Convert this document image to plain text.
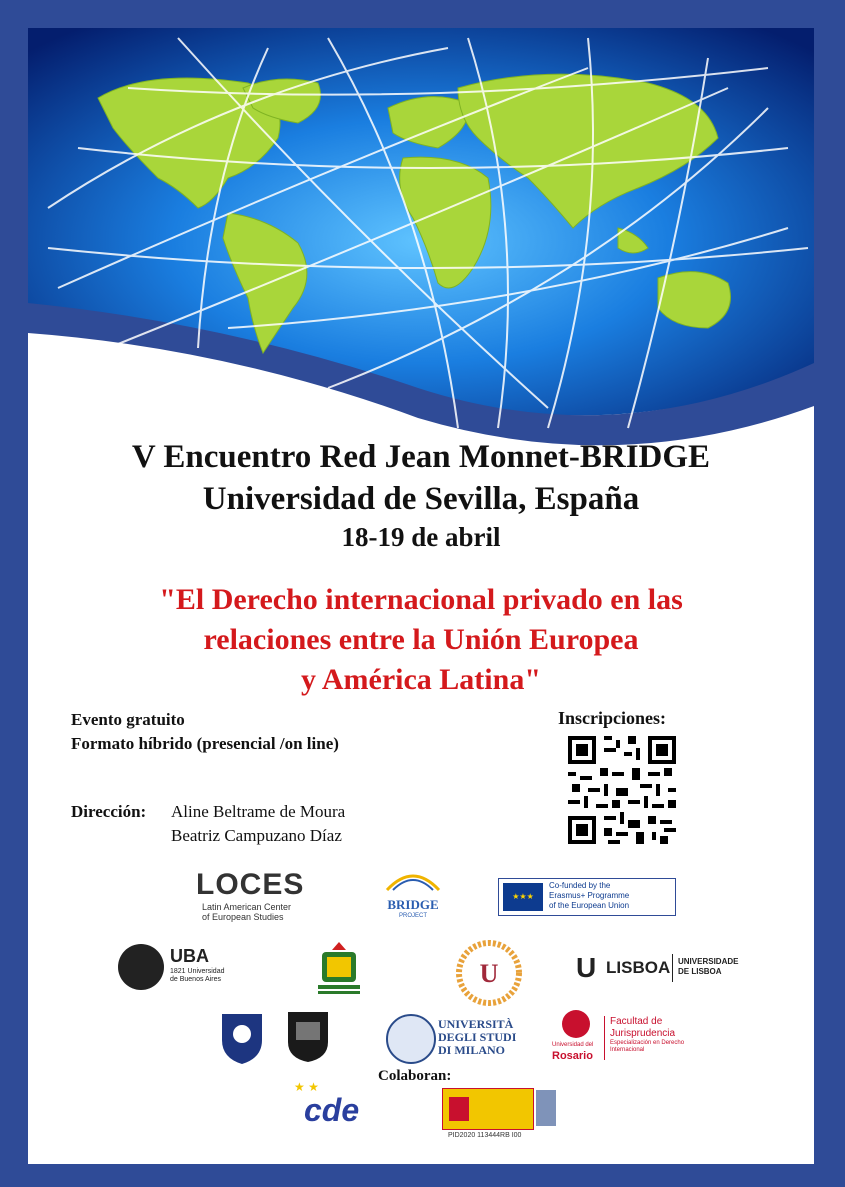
V Encuentro Red Jean Monnet-BRIDGE
Universidad de Sevilla, España
18-19 de abril
"El Derecho internacional privado en las
relaciones entre la Unión Europea
y América Latina"
Evento gratuito
Formato híbrido (presencial /on line)
Dirección: Aline Beltrame de Moura
Beatriz Campuzano Díaz
Inscripciones:
LOCES
Latin American Center
of European Studies
BRIDGE
PROJECT
★★★
Co-funded by the
Erasmus+ Programme
of the European Union
UBA
1821 Universidad
de Buenos Aires	U	U LISBOA UNIVERSIDADE
DE LISBOA
UNIVERSITÀ
DEGLI STUDI
DI MILANO	Universidad del
Rosario
Facultad de
Jurisprudencia
Especialización en Derecho Internacional
Colaboran:
★ ★
cde
PID2020 113444RB I00
